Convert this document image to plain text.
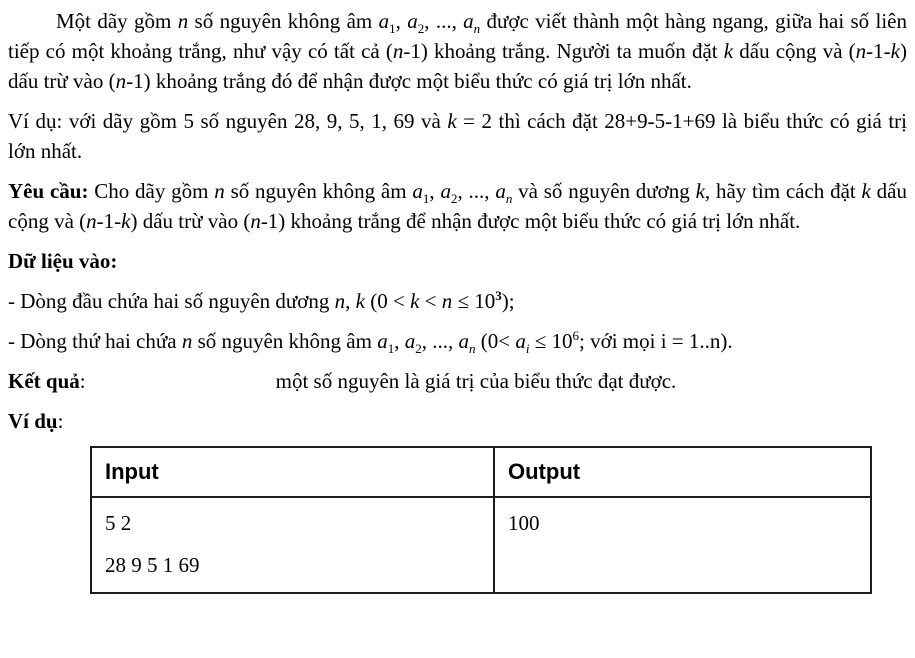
Một dãy gồm n số nguyên không âm $a_1$, $a_2$, ..., $a_n$ được viết thành một hàng ngang, giữa hai số liên tiếp có một khoảng trắng, như vậy có tất cả (n-1) khoảng trắng. Người ta muốn đặt k dấu cộng và (n-1-k) dấu trừ vào (n-1) khoảng trắng đó để nhận được một biểu thức có giá trị lớn nhất.

Ví dụ: với dãy gồm 5 số nguyên 28, 9, 5, 1, 69 và k = 2 thì cách đặt 28+9-5-1+69 là biểu thức có giá trị lớn nhất.

Yêu cầu: Cho dãy gồm n số nguyên không âm $a_1$, $a_2$, ..., $a_n$ và số nguyên dương k, hãy tìm cách đặt k dấu cộng và (n-1-k) dấu trừ vào (n-1) khoảng trắng để nhận được một biểu thức có giá trị lớn nhất.

Dữ liệu vào:

- Dòng đầu chứa hai số nguyên dương n, k $(0 < k < n \le 10^3)$;

- Dòng thứ hai chứa n số nguyên không âm $a_1$, $a_2$, ..., $a_n$ ($0< a_i \le 10^6$; với mọi i = 1..n).

Kết quả:	một số nguyên là giá trị của biểu thức đạt được.

Ví dụ:

Input	Output

5 2
28 9 5 1 69	100
